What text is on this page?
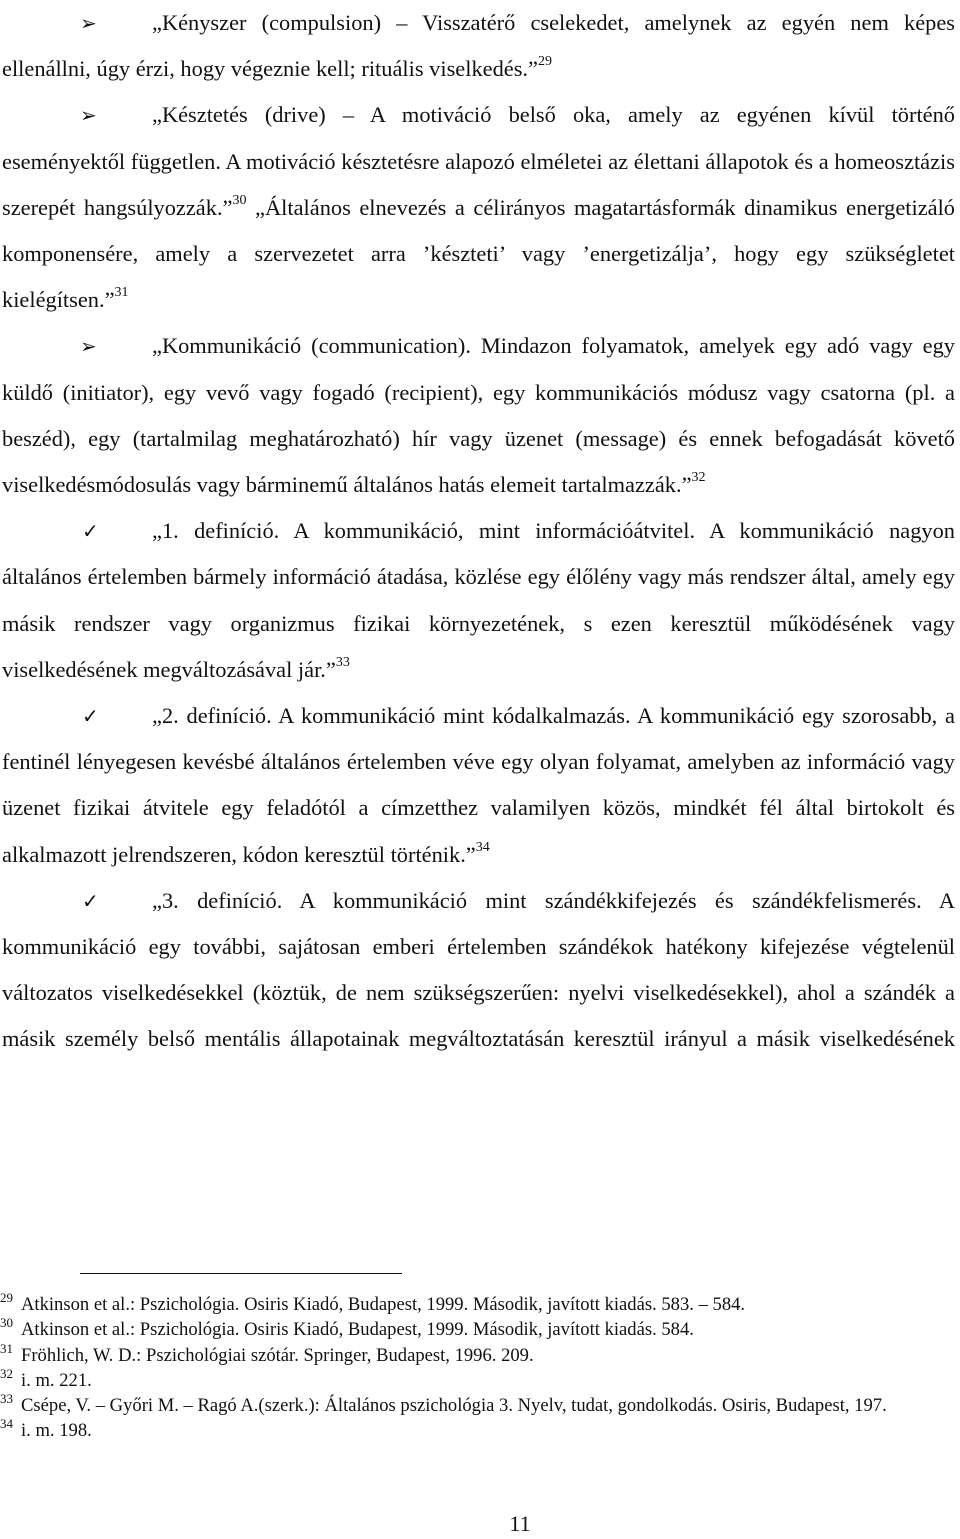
➢ „Kényszer (compulsion) – Visszatérő cselekedet, amelynek az egyén nem képes ellenállni, úgy érzi, hogy végeznie kell; rituális viselkedés.”$^{29}$

➢ „Késztetés (drive) – A motiváció belső oka, amely az egyénen kívül történő eseményektől független. A motiváció késztetésre alapozó elméletei az élettani állapotok és a homeosztázis szerepét hangsúlyozzák.”$^{30}$ „Általános elnevezés a célirányos magatartásformák dinamikus energetizáló komponensére, amely a szervezetet arra ’készteti’ vagy ’energetizálja’, hogy egy szükségletet kielégítsen.”$^{31}$

➢ „Kommunikáció (communication). Mindazon folyamatok, amelyek egy adó vagy egy küldő (initiator), egy vevő vagy fogadó (recipient), egy kommunikációs módusz vagy csatorna (pl. a beszéd), egy (tartalmilag meghatározható) hír vagy üzenet (message) és ennek befogadását követő viselkedésmódosulás vagy bárminemű általános hatás elemeit tartalmazzák.”$^{32}$

✓ „1. definíció. A kommunikáció, mint információátvitel. A kommunikáció nagyon általános értelemben bármely információ átadása, közlése egy élőlény vagy más rendszer által, amely egy másik rendszer vagy organizmus fizikai környezetének, s ezen keresztül működésének vagy viselkedésének megváltozásával jár.”$^{33}$

✓ „2. definíció. A kommunikáció mint kódalkalmazás. A kommunikáció egy szorosabb, a fentinél lényegesen kevésbé általános értelemben véve egy olyan folyamat, amelyben az információ vagy üzenet fizikai átvitele egy feladótól a címzetthez valamilyen közös, mindkét fél által birtokolt és alkalmazott jelrendszeren, kódon keresztül történik.”$^{34}$

✓ „3. definíció. A kommunikáció mint szándékkifejezés és szándékfelismerés. A kommunikáció egy további, sajátosan emberi értelemben szándékok hatékony kifejezése végtelenül változatos viselkedésekkel (köztük, de nem szükségszerűen: nyelvi viselkedésekkel), ahol a szándék a másik személy belső mentális állapotainak megváltoztatásán keresztül irányul a másik viselkedésének

$^{29}$ Atkinson et al.: Pszichológia. Osiris Kiadó, Budapest, 1999. Második, javított kiadás. 583. – 584.

$^{30}$ Atkinson et al.: Pszichológia. Osiris Kiadó, Budapest, 1999. Második, javított kiadás. 584.

$^{31}$ Fröhlich, W. D.: Pszichológiai szótár. Springer, Budapest, 1996. 209.

$^{32}$ i. m. 221.

$^{33}$ Csépe, V. – Győri M. – Ragó A.(szerk.): Általános pszichológia 3. Nyelv, tudat, gondolkodás. Osiris, Budapest, 197.

$^{34}$ i. m. 198.

11
